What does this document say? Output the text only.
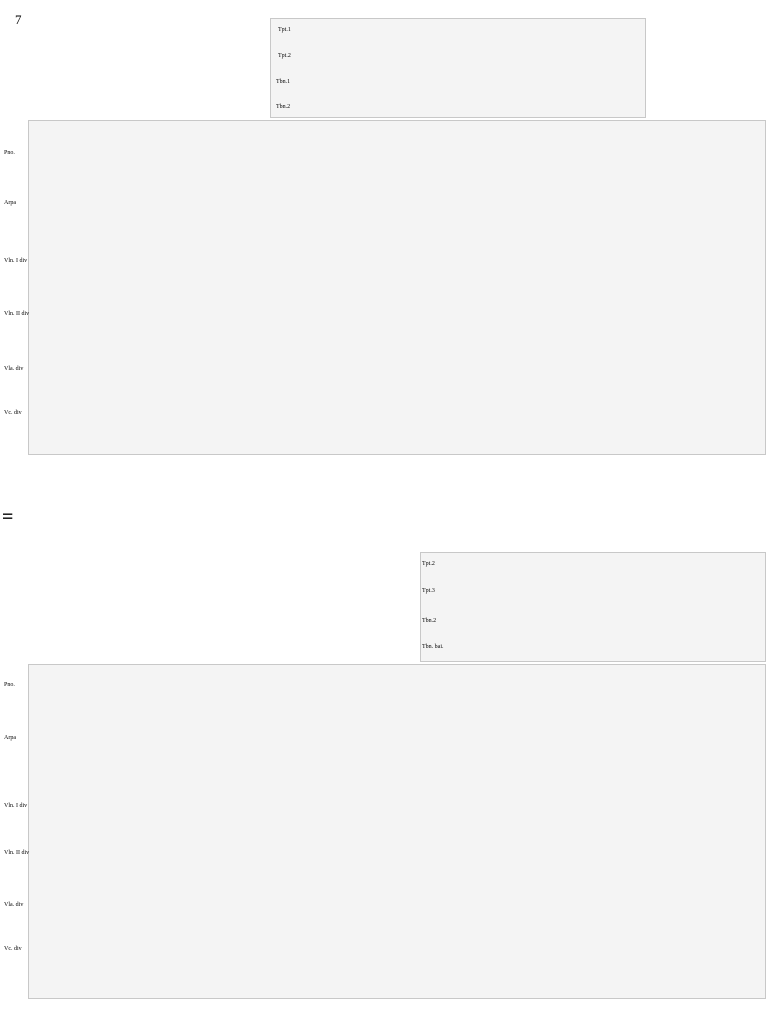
7
Tpt.1
Tpt.2
Tbn.1
Tbn.2
Pno.
Arpa
Vln. I div
Vln. II div
Vla. div
Vc. div
=
Tpt.2
Tpt.3
Tbn.2
Tbn. bai.
Pno.
Arpa
Vln. I div
Vln. II div
Vla. div
Vc. div
